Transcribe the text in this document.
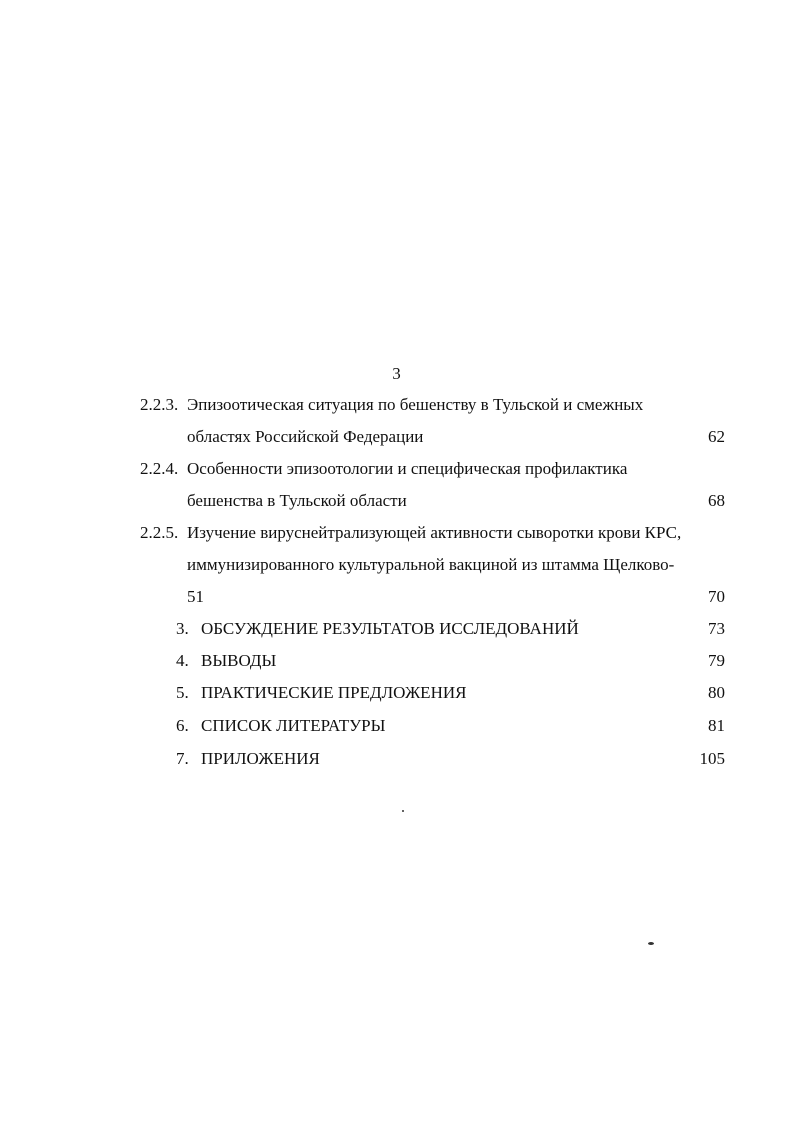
3
2.2.3. Эпизоотическая ситуация по бешенству в Тульской и смежных
областях Российской Федерации	62
2.2.4. Особенности эпизоотологии и специфическая профилактика
бешенства в Тульской области	68
2.2.5. Изучение вируснейтрализующей активности сыворотки крови КРС,
иммунизированного культуральной вакциной из штамма Щелково-
51	70
3. ОБСУЖДЕНИЕ РЕЗУЛЬТАТОВ ИССЛЕДОВАНИЙ	73
4. ВЫВОДЫ	79
5. ПРАКТИЧЕСКИЕ ПРЕДЛОЖЕНИЯ	80
6. СПИСОК ЛИТЕРАТУРЫ	81
7. ПРИЛОЖЕНИЯ	105
